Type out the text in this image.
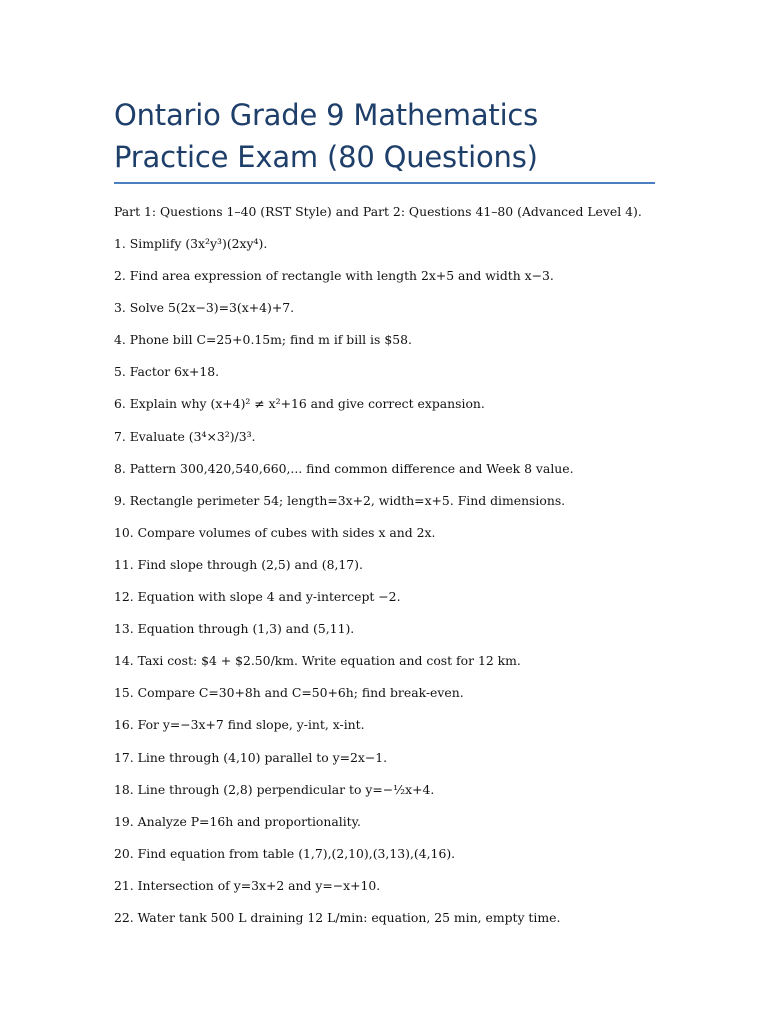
Ontario Grade 9 Mathematics Practice Exam (80 Questions)
Part 1: Questions 1–40 (RST Style) and Part 2: Questions 41–80 (Advanced Level 4).
1. Simplify (3x²y³)(2xy⁴).
2. Find area expression of rectangle with length 2x+5 and width x−3.
3. Solve 5(2x−3)=3(x+4)+7.
4. Phone bill C=25+0.15m; find m if bill is $58.
5. Factor 6x+18.
6. Explain why (x+4)² ≠ x²+16 and give correct expansion.
7. Evaluate (3⁴×3²)/3³.
8. Pattern 300,420,540,660,... find common difference and Week 8 value.
9. Rectangle perimeter 54; length=3x+2, width=x+5. Find dimensions.
10. Compare volumes of cubes with sides x and 2x.
11. Find slope through (2,5) and (8,17).
12. Equation with slope 4 and y-intercept −2.
13. Equation through (1,3) and (5,11).
14. Taxi cost: $4 + $2.50/km. Write equation and cost for 12 km.
15. Compare C=30+8h and C=50+6h; find break-even.
16. For y=−3x+7 find slope, y-int, x-int.
17. Line through (4,10) parallel to y=2x−1.
18. Line through (2,8) perpendicular to y=−½x+4.
19. Analyze P=16h and proportionality.
20. Find equation from table (1,7),(2,10),(3,13),(4,16).
21. Intersection of y=3x+2 and y=−x+10.
22. Water tank 500 L draining 12 L/min: equation, 25 min, empty time.
